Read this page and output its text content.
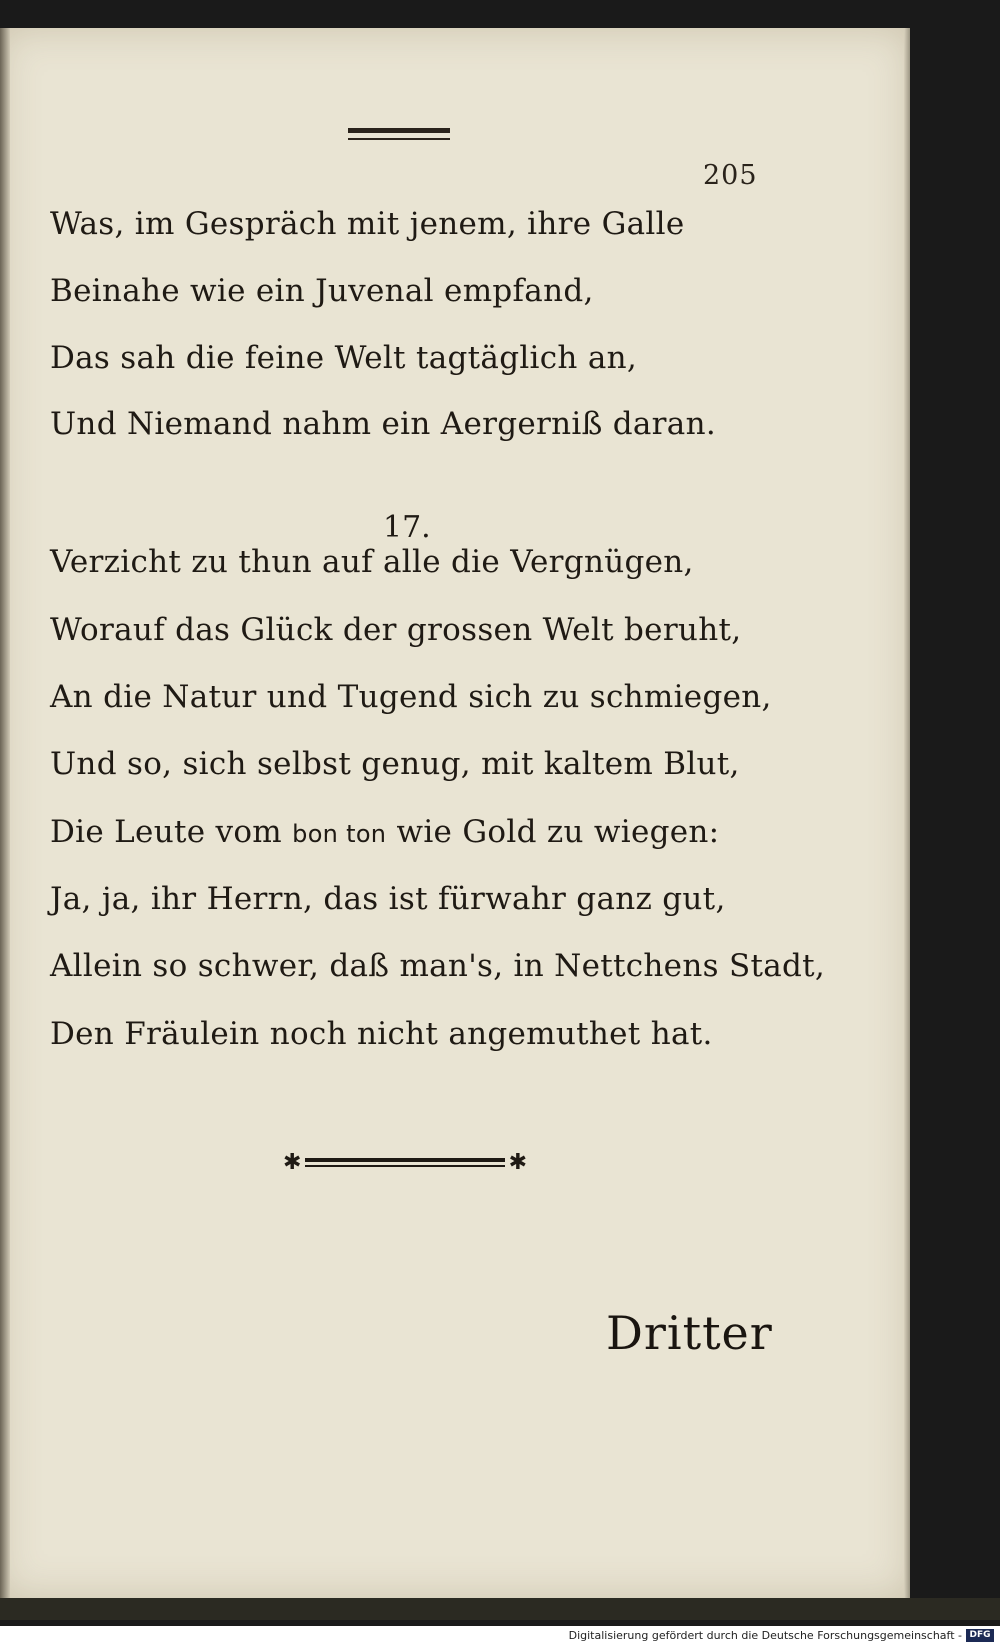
205
Was, im Gespräch mit jenem, ihre Galle
Beinahe wie ein Juvenal empfand,
Das sah die feine Welt tagtäglich an,
Und Niemand nahm ein Aergerniß daran.
17.
Verzicht zu thun auf alle die Vergnügen,
Worauf das Glück der grossen Welt beruht,
An die Natur und Tugend sich zu schmiegen,
Und so, sich selbst genug, mit kaltem Blut,
Die Leute vom bon ton wie Gold zu wiegen:
Ja, ja, ihr Herrn, das ist fürwahr ganz gut,
Allein so schwer, daß man's, in Nettchens Stadt,
Den Fräulein noch nicht angemuthet hat.
✱	✱
Dritter
Digitalisierung gefördert durch die Deutsche Forschungsgemeinschaft - DFG
